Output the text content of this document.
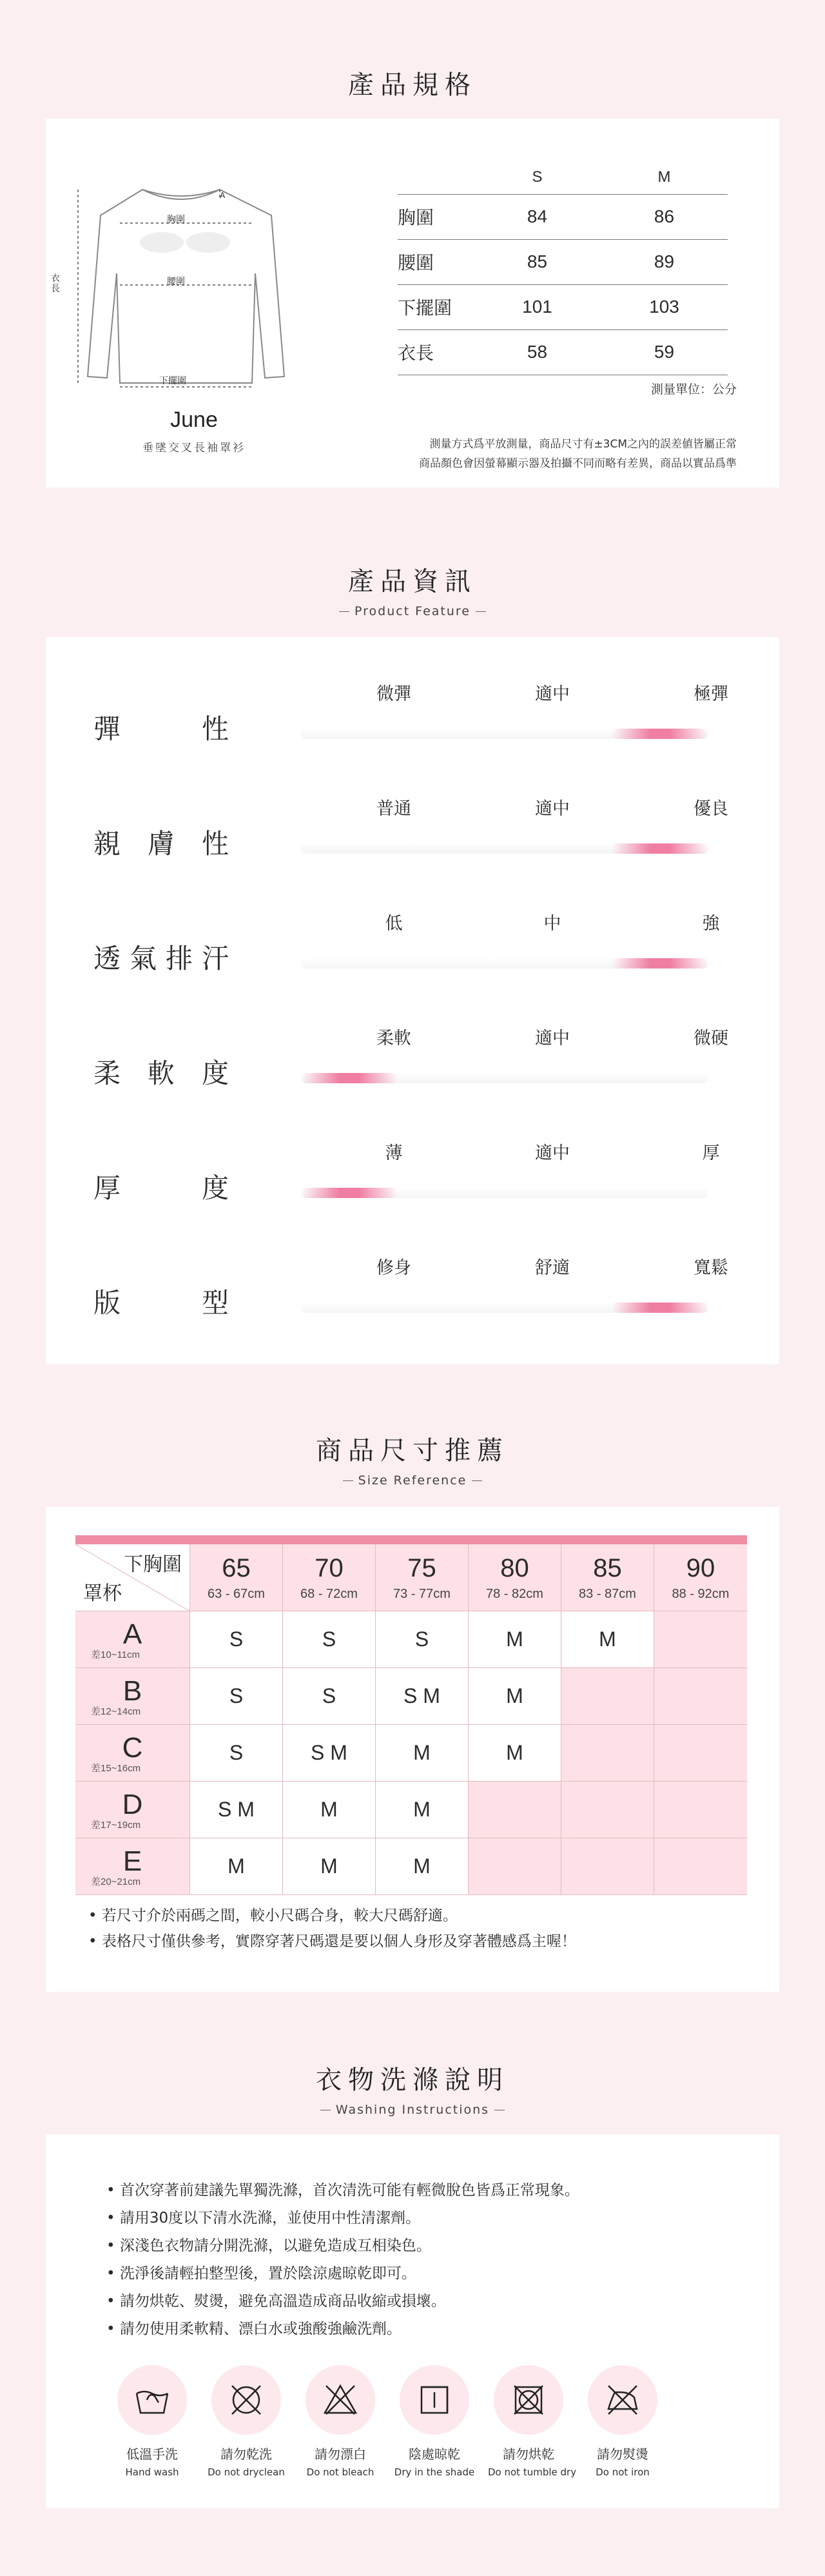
產品規格
胸圍
腰圍
下擺圍
衣長
A
June
垂墜交叉長袖罩衫
	S	M
胸圍	84	86
腰圍	85	89
下擺圍	101	103
衣長	58	59
測量單位：公分
測量方式爲平放測量，商品尺寸有±3CM之內的誤差値皆屬正常
商品顏色會因螢幕顯示器及拍攝不同而略有差異，商品以實品爲準
產品資訊
Product Feature
彈	性
微彈	適中	極彈
親 膚 性
普通	適中	優良
透 氣 排 汗
低	中	強
柔 軟 度
柔軟	適中	微硬
厚	度
薄	適中	厚
版	型
修身	舒適	寬鬆
商品尺寸推薦
Size Reference
下胸圍
罩杯
65
63 - 67cm
70
68 - 72cm
75
73 - 77cm
80
78 - 82cm
85
83 - 87cm
90
88 - 92cm
A
差10~11cm
S	S	S	M	M
B
差12~14cm
S	S	S M	M
C
差15~16cm
S	S M	M	M
D
差17~19cm
S M	M	M
E
差20~21cm
M	M	M
• 若尺寸介於兩碼之間，較小尺碼合身，較大尺碼舒適。
• 表格尺寸僅供參考，實際穿著尺碼還是要以個人身形及穿著體感爲主喔！
衣物洗滌說明
Washing Instructions
• 首次穿著前建議先單獨洗滌，首次清洗可能有輕微脫色皆爲正常現象。
• 請用30度以下清水洗滌，並使用中性清潔劑。
• 深淺色衣物請分開洗滌，以避免造成互相染色。
• 洗淨後請輕拍整型後，置於陰涼處晾乾即可。
• 請勿烘乾、熨燙，避免高溫造成商品收縮或損壞。
• 請勿使用柔軟精、漂白水或強酸強鹼洗劑。
低溫手洗
Hand wash
請勿乾洗
Do not dryclean
請勿漂白
Do not bleach
陰處晾乾
Dry in the shade
請勿烘乾
Do not tumble dry
請勿熨燙
Do not iron
